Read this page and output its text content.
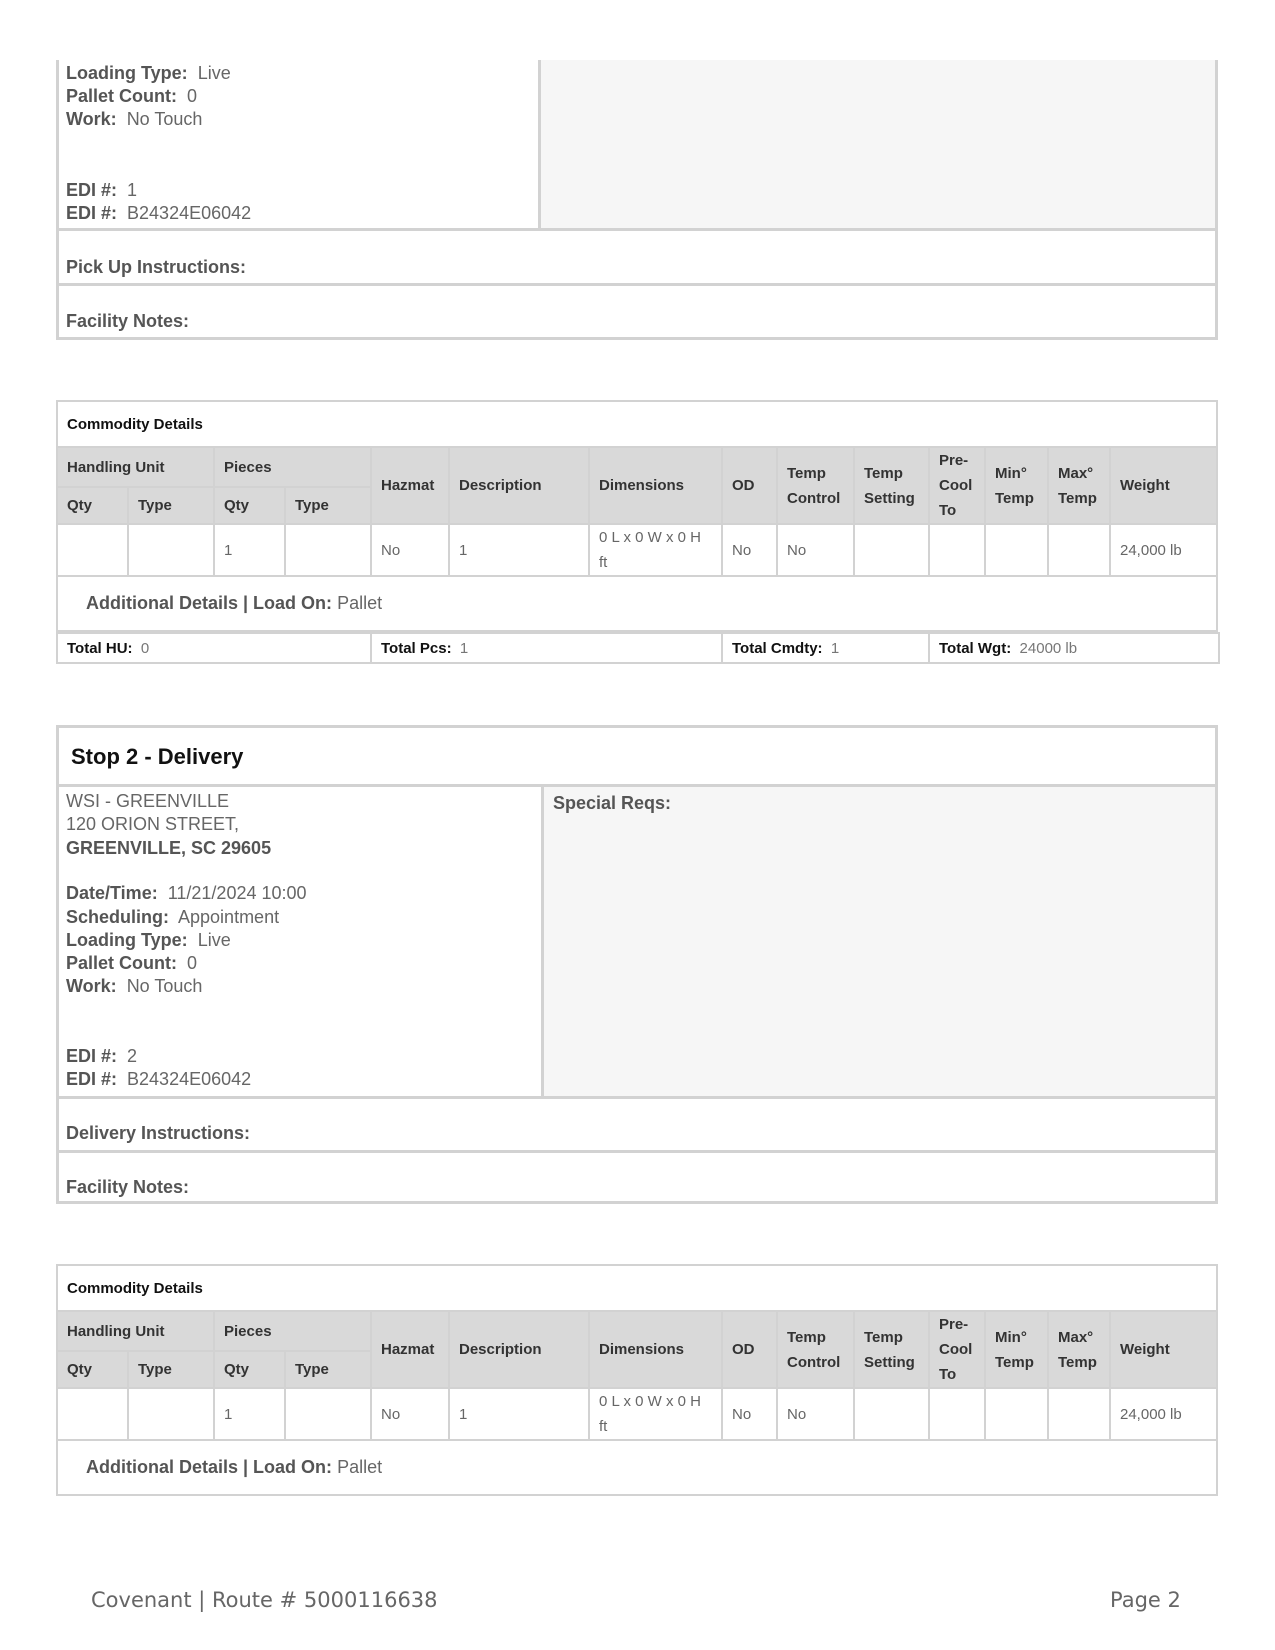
Loading Type: Live
Pallet Count: 0
Work: No Touch
EDI #: 1
EDI #: B24324E06042
Pick Up Instructions:
Facility Notes:
Commodity Details													
Handling Unit		Pieces		Hazmat	Description	Dimensions	OD	Temp Control	Temp Setting	Pre-Cool To	Min° Temp	Max° Temp	Weight
Qty	Type	Qty	Type										
		1		No	1	0 L x 0 W x 0 H ft	No	No					24,000 lb
Additional Details | Load On: Pallet													
Total HU: 0	Total Pcs: 1	Total Cmdty: 1	Total Wgt: 24000 lb
Stop 2 - Delivery
Special Reqs:
WSI - GREENVILLE
120 ORION STREET,
GREENVILLE, SC 29605
Date/Time: 11/21/2024 10:00
Scheduling: Appointment
Loading Type: Live
Pallet Count: 0
Work: No Touch
EDI #: 2
EDI #: B24324E06042
Delivery Instructions:
Facility Notes:
Commodity Details													
Handling Unit		Pieces		Hazmat	Description	Dimensions	OD	Temp Control	Temp Setting	Pre-Cool To	Min° Temp	Max° Temp	Weight
Qty	Type	Qty	Type										
		1		No	1	0 L x 0 W x 0 H ft	No	No					24,000 lb
Additional Details | Load On: Pallet													
Covenant | Route # 5000116638	Page 2
